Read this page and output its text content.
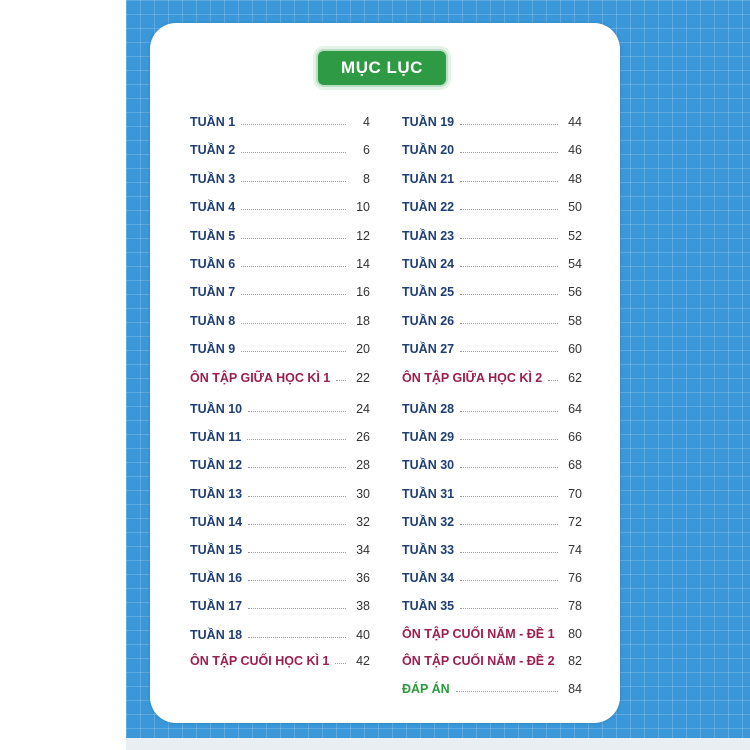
MỤC LỤC
TUẦN 1	4
TUẦN 2	6
TUẦN 3	8
TUẦN 4	10
TUẦN 5	12
TUẦN 6	14
TUẦN 7	16
TUẦN 8	18
TUẦN 9	20
ÔN TẬP GIỮA HỌC KÌ 1	22
TUẦN 10	24
TUẦN 11	26
TUẦN 12	28
TUẦN 13	30
TUẦN 14	32
TUẦN 15	34
TUẦN 16	36
TUẦN 17	38
TUẦN 18	40
ÔN TẬP CUỐI HỌC KÌ 1	42
TUẦN 19	44
TUẦN 20	46
TUẦN 21	48
TUẦN 22	50
TUẦN 23	52
TUẦN 24	54
TUẦN 25	56
TUẦN 26	58
TUẦN 27	60
ÔN TẬP GIỮA HỌC KÌ 2	62
TUẦN 28	64
TUẦN 29	66
TUẦN 30	68
TUẦN 31	70
TUẦN 32	72
TUẦN 33	74
TUẦN 34	76
TUẦN 35	78
ÔN TẬP CUỐI NĂM - ĐỀ 1 80
ÔN TẬP CUỐI NĂM - ĐỀ 2 82
ĐÁP ÁN	84
